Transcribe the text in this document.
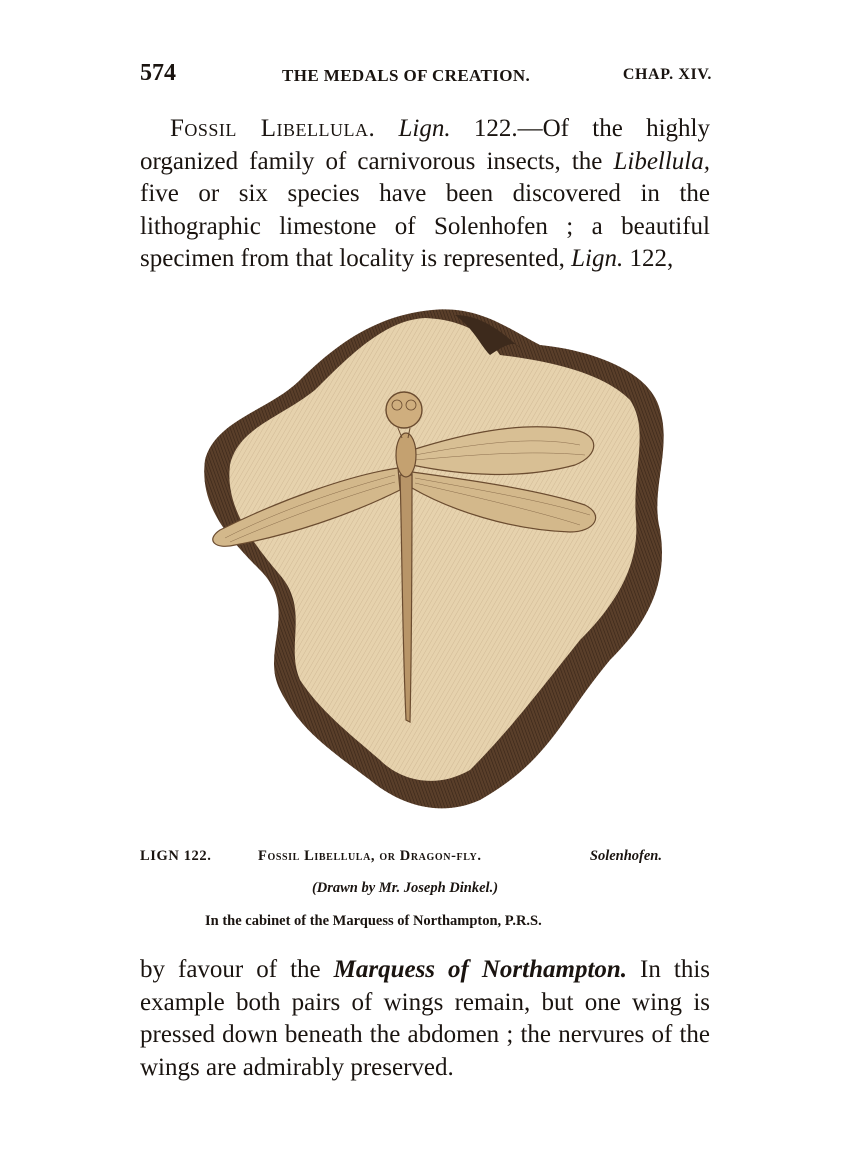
574	THE MEDALS OF CREATION.	CHAP. XIV.

Fossil Libellula. Lign. 122.—Of the highly organized family of carnivorous insects, the Libellula, five or six species have been discovered in the lithographic limestone of Solenhofen ; a beautiful specimen from that locality is represented, Lign. 122,

LIGN 122.	Fossil Libellula, or Dragon-fly.	Solenhofen.
(Drawn by Mr. Joseph Dinkel.)
In the cabinet of the Marquess of Northampton, P.R.S.

by favour of the Marquess of Northampton. In this example both pairs of wings remain, but one wing is pressed down beneath the abdomen ; the nervures of the wings are admirably preserved.
